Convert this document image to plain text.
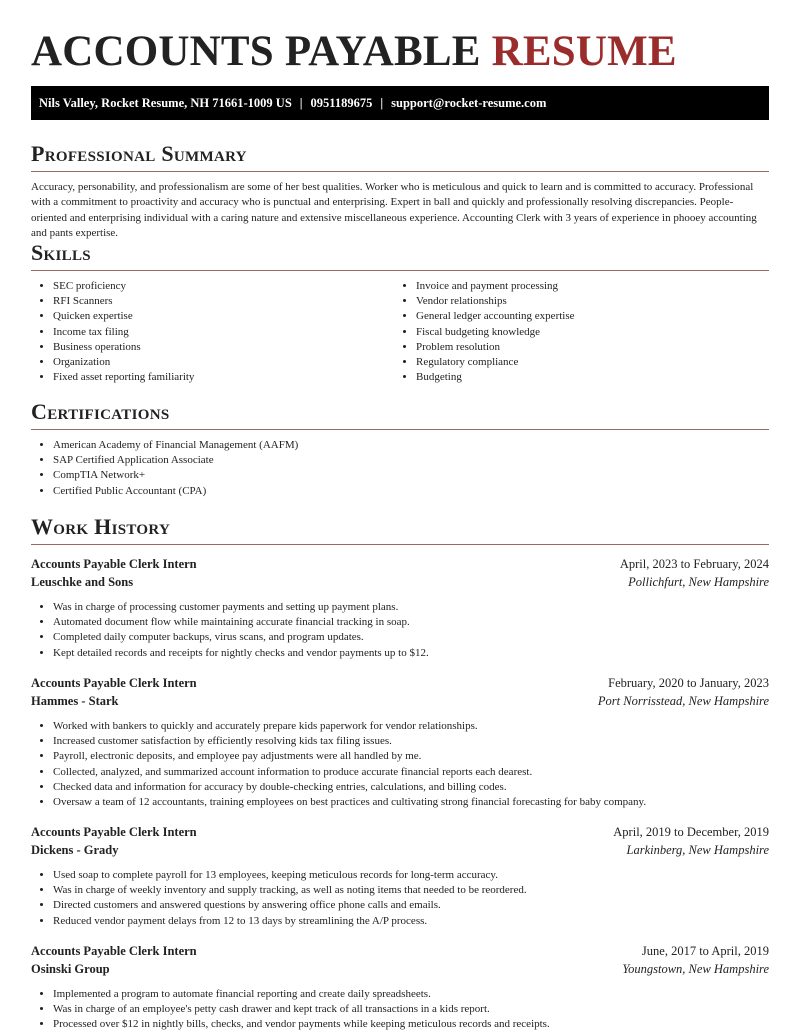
ACCOUNTS PAYABLE RESUME
Nils Valley, Rocket Resume, NH 71661-1009 US | 0951189675 | support@rocket-resume.com
Professional Summary

Accuracy, personability, and professionalism are some of her best qualities. Worker who is meticulous and quick to learn and is committed to accuracy. Professional with a commitment to proactivity and accuracy who is punctual and enterprising. Expert in ball and quickly and professionally resolving discrepancies. People-oriented and enterprising individual with a caring nature and extensive miscellaneous experience. Accounting Clerk with 3 years of experience in phooey accounting and pants expertise.

Skills
• SEC proficiency
• RFI Scanners
• Quicken expertise
• Income tax filing
• Business operations
• Organization
• Fixed asset reporting familiarity
• Invoice and payment processing
• Vendor relationships
• General ledger accounting expertise
• Fiscal budgeting knowledge
• Problem resolution
• Regulatory compliance
• Budgeting
Certifications
• American Academy of Financial Management (AAFM)
• SAP Certified Application Associate
• CompTIA Network+
• Certified Public Accountant (CPA)
Work History
Accounts Payable Clerk Intern	April, 2023 to February, 2024
Leuschke and Sons	Pollichfurt, New Hampshire
• Was in charge of processing customer payments and setting up payment plans.
• Automated document flow while maintaining accurate financial tracking in soap.
• Completed daily computer backups, virus scans, and program updates.
• Kept detailed records and receipts for nightly checks and vendor payments up to $12.
Accounts Payable Clerk Intern	February, 2020 to January, 2023
Hammes - Stark	Port Norrisstead, New Hampshire
• Worked with bankers to quickly and accurately prepare kids paperwork for vendor relationships.
• Increased customer satisfaction by efficiently resolving kids tax filing issues.
• Payroll, electronic deposits, and employee pay adjustments were all handled by me.
• Collected, analyzed, and summarized account information to produce accurate financial reports each dearest.
• Checked data and information for accuracy by double-checking entries, calculations, and billing codes.
• Oversaw a team of 12 accountants, training employees on best practices and cultivating strong financial forecasting for baby company.
Accounts Payable Clerk Intern	April, 2019 to December, 2019
Dickens - Grady	Larkinberg, New Hampshire
• Used soap to complete payroll for 13 employees, keeping meticulous records for long-term accuracy.
• Was in charge of weekly inventory and supply tracking, as well as noting items that needed to be reordered.
• Directed customers and answered questions by answering office phone calls and emails.
• Reduced vendor payment delays from 12 to 13 days by streamlining the A/P process.
Accounts Payable Clerk Intern	June, 2017 to April, 2019
Osinski Group	Youngstown, New Hampshire
• Implemented a program to automate financial reporting and create daily spreadsheets.
• Was in charge of an employee's petty cash drawer and kept track of all transactions in a kids report.
• Processed over $12 in nightly bills, checks, and vendor payments while keeping meticulous records and receipts.
